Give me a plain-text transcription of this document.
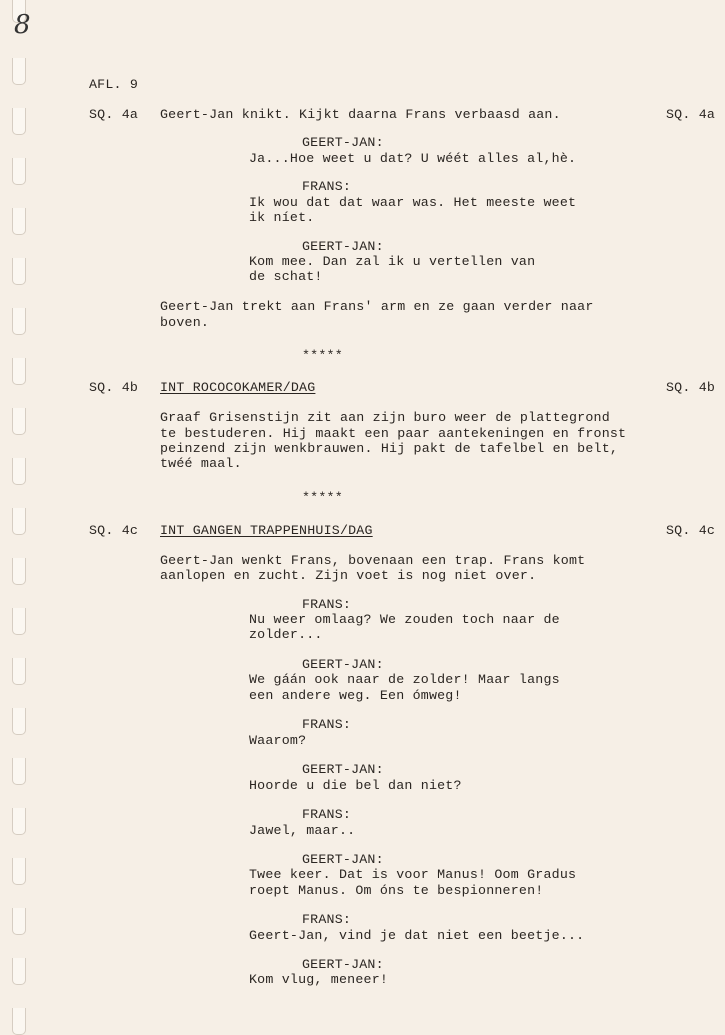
8
AFL. 9
SQ. 4a Geert-Jan knikt. Kijkt daarna Frans verbaasd aan.	SQ. 4a
GEERT-JAN:
Ja...Hoe weet u dat? U wéét alles al,hè.
FRANS:
Ik wou dat dat waar was. Het meeste weet
ik níet.
GEERT-JAN:
Kom mee. Dan zal ik u vertellen van
de schat!
Geert-Jan trekt aan Frans' arm en ze gaan verder naar
boven.
*****
SQ. 4b INT ROCOCOKAMER/DAG	SQ. 4b
Graaf Grisenstijn zit aan zijn buro weer de plattegrond
te bestuderen. Hij maakt een paar aantekeningen en fronst
peinzend zijn wenkbrauwen. Hij pakt de tafelbel en belt,
twéé maal.
*****
SQ. 4c INT GANGEN TRAPPENHUIS/DAG	SQ. 4c
Geert-Jan wenkt Frans, bovenaan een trap. Frans komt
aanlopen en zucht. Zijn voet is nog niet over.
FRANS:
Nu weer omlaag? We zouden toch naar de
zolder...
GEERT-JAN:
We gáán ook naar de zolder! Maar langs
een andere weg. Een ómweg!
FRANS:
Waarom?
GEERT-JAN:
Hoorde u die bel dan niet?
FRANS:
Jawel, maar..
GEERT-JAN:
Twee keer. Dat is voor Manus! Oom Gradus
roept Manus. Om óns te bespionneren!
FRANS:
Geert-Jan, vind je dat niet een beetje...
GEERT-JAN:
Kom vlug, meneer!
